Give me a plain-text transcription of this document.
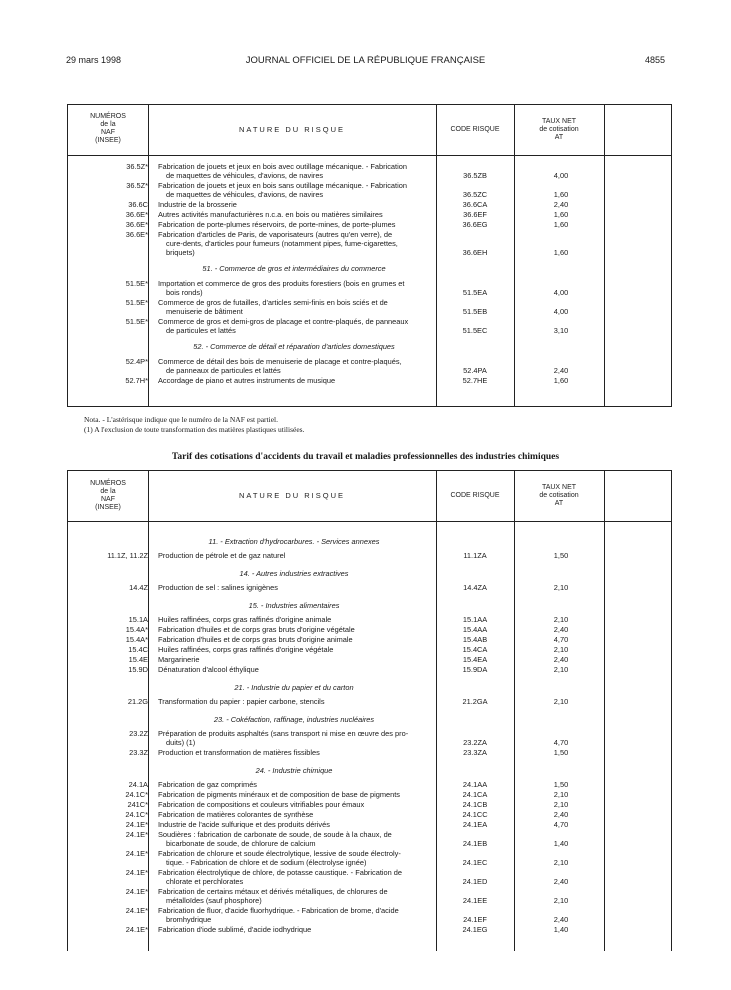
29 mars 1998	JOURNAL OFFICIEL DE LA RÉPUBLIQUE FRANÇAISE	4855
NUMÉROS
de la
NAF
(INSEE)
NATURE DU RISQUE	CODE RISQUE
TAUX NET
de cotisation
AT
36.5Z* Fabrication de jouets et jeux en bois avec outillage mécanique. - Fabrication
de maquettes de véhicules, d'avions, de navires	36.5ZB	4,00
36.5Z* Fabrication de jouets et jeux en bois sans outillage mécanique. - Fabrication
de maquettes de véhicules, d'avions, de navires	36.5ZC	1,60
36.6C Industrie de la brosserie	36.6CA	2,40
36.6E* Autres activités manufacturières n.c.a. en bois ou matières similaires	36.6EF	1,60
36.6E* Fabrication de porte-plumes réservoirs, de porte-mines, de porte-plumes	36.6EG	1,60
36.6E* Fabrication d'articles de Paris, de vaporisateurs (autres qu'en verre), de
cure-dents, d'articles pour fumeurs (notamment pipes, fume-cigarettes,
briquets)	36.6EH	1,60
51. - Commerce de gros et intermédiaires du commerce
51.5E* Importation et commerce de gros des produits forestiers (bois en grumes et
bois ronds)	51.5EA	4,00
51.5E* Commerce de gros de futailles, d'articles semi-finis en bois sciés et de
menuiserie de bâtiment	51.5EB	4,00
51.5E* Commerce de gros et demi-gros de placage et contre-plaqués, de panneaux
de particules et lattés	51.5EC	3,10
52. - Commerce de détail et réparation d'articles domestiques
52.4P* Commerce de détail des bois de menuiserie de placage et contre-plaqués,
de panneaux de particules et lattés	52.4PA	2,40
52.7H* Accordage de piano et autres instruments de musique	52.7HE	1,60
Nota. - L'astérisque indique que le numéro de la NAF est partiel.
(1) A l'exclusion de toute transformation des matières plastiques utilisées.
Tarif des cotisations d'accidents du travail et maladies professionnelles des industries chimiques
NUMÉROS
de la
NAF
(INSEE)
NATURE DU RISQUE	CODE RISQUE
TAUX NET
de cotisation
AT
11. - Extraction d'hydrocarbures. - Services annexes
11.1Z, 11.2Z Production de pétrole et de gaz naturel	11.1ZA	1,50
14. - Autres industries extractives
14.4Z Production de sel : salines ignigènes	14.4ZA	2,10
15. - Industries alimentaires
15.1A Huiles raffinées, corps gras raffinés d'origine animale	15.1AA	2,10
15.4A* Fabrication d'huiles et de corps gras bruts d'origine végétale	15.4AA	2,40
15.4A* Fabrication d'huiles et de corps gras bruts d'origine animale	15.4AB	4,70
15.4C Huiles raffinées, corps gras raffinés d'origine végétale	15.4CA	2,10
15.4E Margarinerie	15.4EA	2,40
15.9D Dénaturation d'alcool éthylique	15.9DA	2,10
21. - Industrie du papier et du carton
21.2G Transformation du papier : papier carbone, stencils	21.2GA	2,10
23. - Cokéfaction, raffinage, industries nucléaires
23.2Z Préparation de produits asphaltés (sans transport ni mise en œuvre des pro-
duits) (1)	23.2ZA	4,70
23.3Z Production et transformation de matières fissibles	23.3ZA	1,50
24. - Industrie chimique
24.1A Fabrication de gaz comprimés	24.1AA	1,50
24.1C* Fabrication de pigments minéraux et de composition de base de pigments	24.1CA	2,10
241C* Fabrication de compositions et couleurs vitrifiables pour émaux	24.1CB	2,10
24.1C* Fabrication de matières colorantes de synthèse	24.1CC	2,40
24.1E* Industrie de l'acide sulfurique et des produits dérivés	24.1EA	4,70
24.1E* Soudières : fabrication de carbonate de soude, de soude à la chaux, de
bicarbonate de soude, de chlorure de calcium	24.1EB	1,40
24.1E* Fabrication de chlorure et soude électrolytique, lessive de soude électroly-
tique. - Fabrication de chlore et de sodium (électrolyse ignée)	24.1EC	2,10
24.1E* Fabrication électrolytique de chlore, de potasse caustique. - Fabrication de
chlorate et perchlorates	24.1ED	2,40
24.1E* Fabrication de certains métaux et dérivés métalliques, de chlorures de
métalloïdes (sauf phosphore)	24.1EE	2,10
24.1E* Fabrication de fluor, d'acide fluorhydrique. - Fabrication de brome, d'acide
bromhydrique	24.1EF	2,40
24.1E* Fabrication d'iode sublimé, d'acide iodhydrique	24.1EG	1,40
